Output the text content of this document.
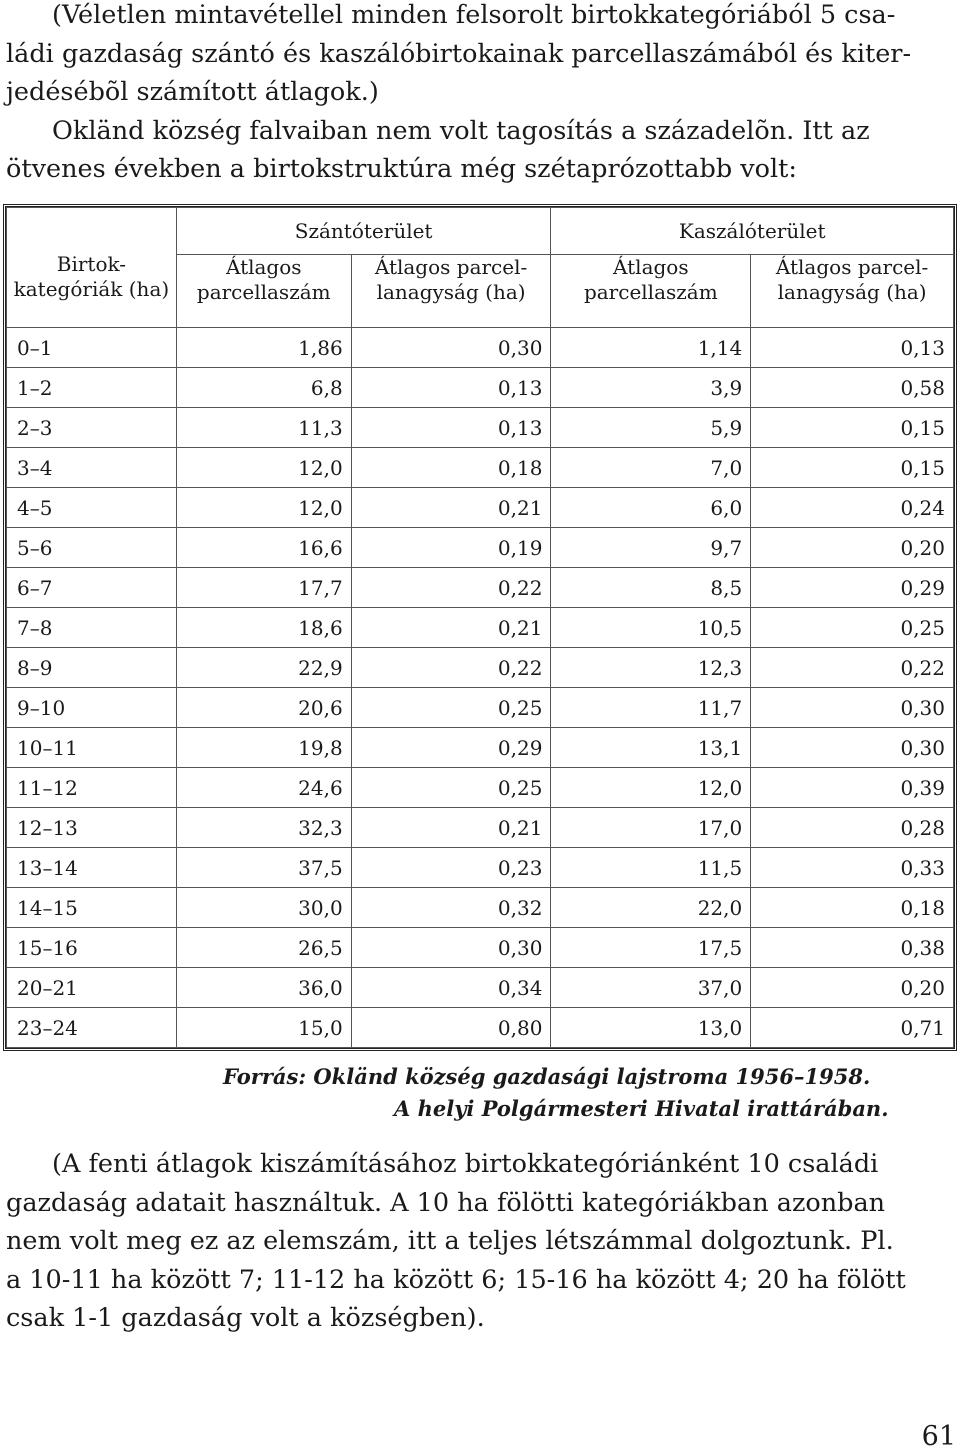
(Véletlen mintavétellel minden felsorolt birtokkategóriából 5 csa-
ládi gazdaság szántó és kaszálóbirtokainak parcellaszámából és kiter-
jedésébõl számított átlagok.)
Okländ község falvaiban nem volt tagosítás a századelõn. Itt az
ötvenes években a birtokstruktúra még szétaprózottabb volt:
Birtok- kategóriák (ha)	Szántóterület		Kaszálóterület	
	Átlagos parcellaszám	Átlagos parcel- lanagyság (ha)	Átlagos parcellaszám	Átlagos parcel- lanagyság (ha)
0–1	1,86	0,30	1,14	0,13
1–2	6,8	0,13	3,9	0,58
2–3	11,3	0,13	5,9	0,15
3–4	12,0	0,18	7,0	0,15
4–5	12,0	0,21	6,0	0,24
5–6	16,6	0,19	9,7	0,20
6–7	17,7	0,22	8,5	0,29
7–8	18,6	0,21	10,5	0,25
8–9	22,9	0,22	12,3	0,22
9–10	20,6	0,25	11,7	0,30
10–11	19,8	0,29	13,1	0,30
11–12	24,6	0,25	12,0	0,39
12–13	32,3	0,21	17,0	0,28
13–14	37,5	0,23	11,5	0,33
14–15	30,0	0,32	22,0	0,18
15–16	26,5	0,30	17,5	0,38
20–21	36,0	0,34	37,0	0,20
23–24	15,0	0,80	13,0	0,71
Forrás: Okländ község gazdasági lajstroma 1956–1958.
A helyi Polgármesteri Hivatal irattárában.
(A fenti átlagok kiszámításához birtokkategóriánként 10 családi
gazdaság adatait használtuk. A 10 ha fölötti kategóriákban azonban
nem volt meg ez az elemszám, itt a teljes létszámmal dolgoztunk. Pl.
a 10-11 ha között 7; 11-12 ha között 6; 15-16 ha között 4; 20 ha fölött
csak 1-1 gazdaság volt a községben).
61
